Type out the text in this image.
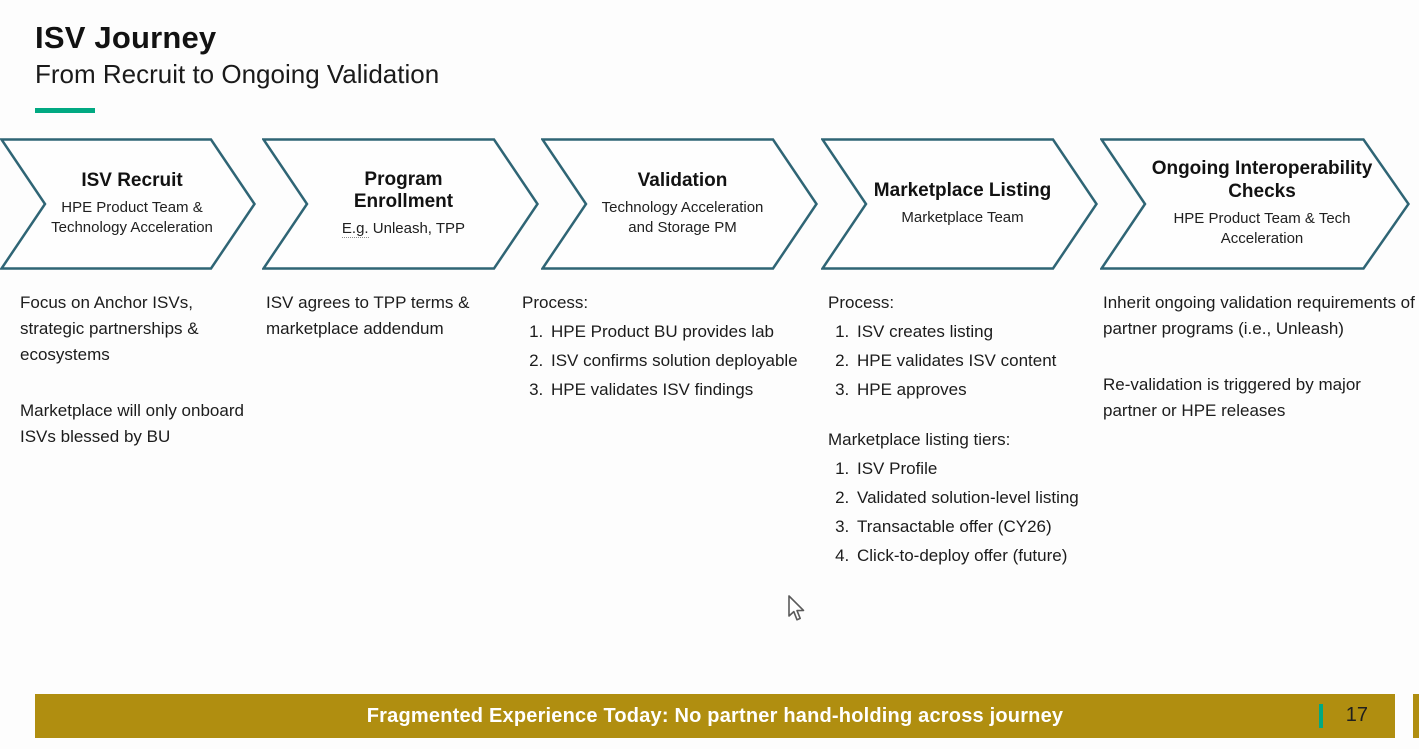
ISV Journey
From Recruit to Ongoing Validation
ISV Recruit
HPE Product Team & Technology Acceleration
Program Enrollment
E.g. Unleash, TPP
Validation
Technology Acceleration and Storage PM
Marketplace Listing
Marketplace Team
Ongoing Interoperability Checks
HPE Product Team & Tech Acceleration

Focus on Anchor ISVs, strategic partnerships & ecosystems

Marketplace will only onboard ISVs blessed by BU

ISV agrees to TPP terms & marketplace addendum

Process:
1. HPE Product BU provides lab
2. ISV confirms solution deployable
3. HPE validates ISV findings
Process:
1. ISV creates listing
2. HPE validates ISV content
3. HPE approves
Marketplace listing tiers:
1. ISV Profile
2. Validated solution-level listing
3. Transactable offer (CY26)
4. Click-to-deploy offer (future)

Inherit ongoing validation requirements of partner programs (i.e., Unleash)

Re-validation is triggered by major partner or HPE releases

Fragmented Experience Today: No partner hand-holding across journey	17
